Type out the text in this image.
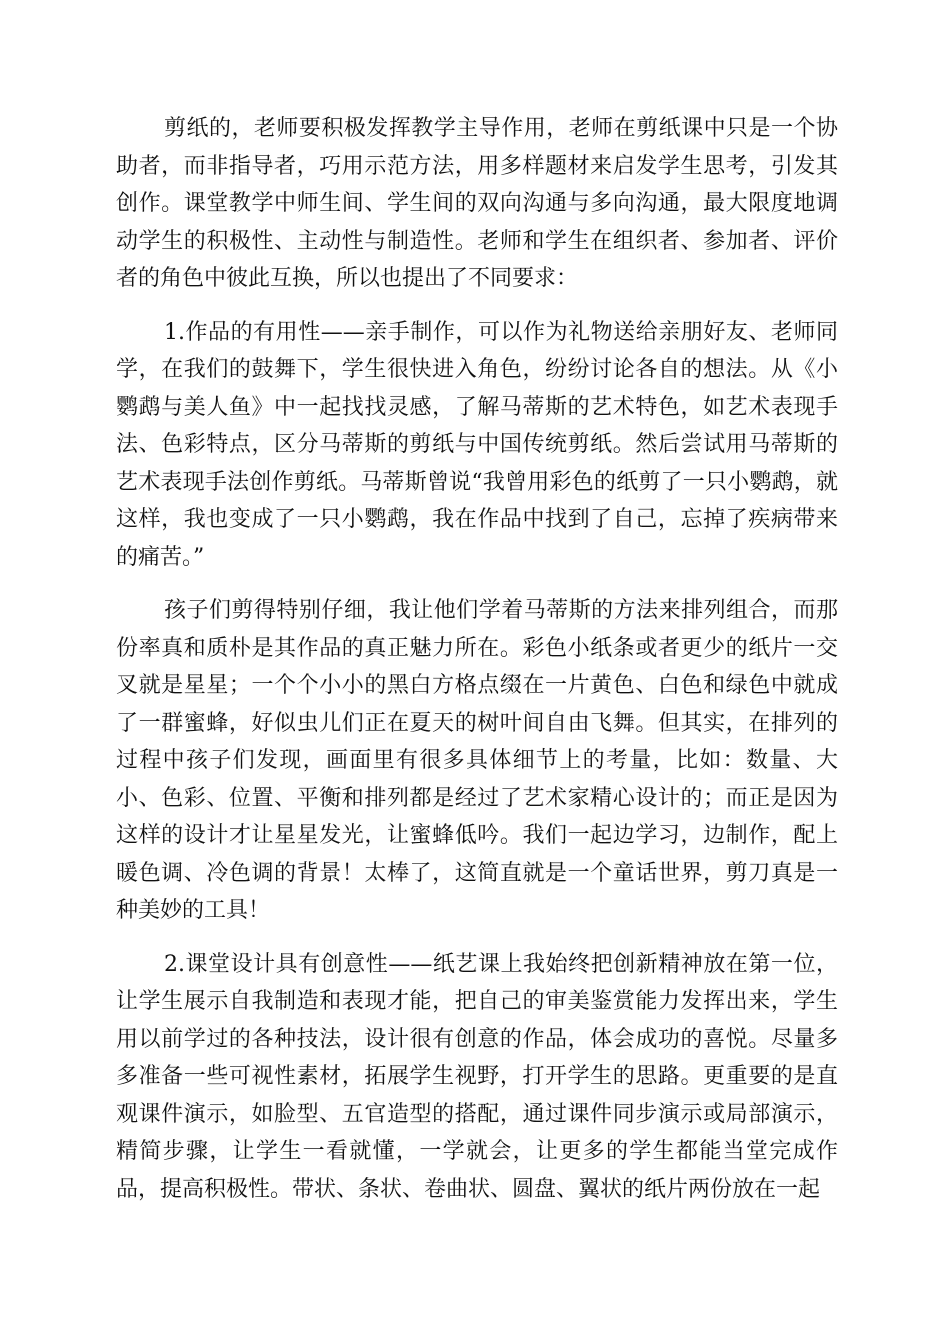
剪纸的，老师要积极发挥教学主导作用，老师在剪纸课中只是一个协助者，而非指导者，巧用示范方法，用多样题材来启发学生思考，引发其创作。课堂教学中师生间、学生间的双向沟通与多向沟通，最大限度地调动学生的积极性、主动性与制造性。老师和学生在组织者、参加者、评价者的角色中彼此互换，所以也提出了不同要求：

1.作品的有用性——亲手制作，可以作为礼物送给亲朋好友、老师同学，在我们的鼓舞下，学生很快进入角色，纷纷讨论各自的想法。从《小鹦鹉与美人鱼》中一起找找灵感，了解马蒂斯的艺术特色，如艺术表现手法、色彩特点，区分马蒂斯的剪纸与中国传统剪纸。然后尝试用马蒂斯的艺术表现手法创作剪纸。马蒂斯曾说“我曾用彩色的纸剪了一只小鹦鹉，就这样，我也变成了一只小鹦鹉，我在作品中找到了自己，忘掉了疾病带来的痛苦。”

孩子们剪得特别仔细，我让他们学着马蒂斯的方法来排列组合，而那份率真和质朴是其作品的真正魅力所在。彩色小纸条或者更少的纸片一交叉就是星星；一个个小小的黑白方格点缀在一片黄色、白色和绿色中就成了一群蜜蜂，好似虫儿们正在夏天的树叶间自由飞舞。但其实，在排列的过程中孩子们发现，画面里有很多具体细节上的考量，比如：数量、大小、色彩、位置、平衡和排列都是经过了艺术家精心设计的；而正是因为这样的设计才让星星发光，让蜜蜂低吟。我们一起边学习，边制作，配上暖色调、冷色调的背景！太棒了，这简直就是一个童话世界，剪刀真是一种美妙的工具！

2.课堂设计具有创意性——纸艺课上我始终把创新精神放在第一位，让学生展示自我制造和表现才能，把自己的审美鉴赏能力发挥出来，学生用以前学过的各种技法，设计很有创意的作品，体会成功的喜悦。尽量多多准备一些可视性素材，拓展学生视野，打开学生的思路。更重要的是直观课件演示，如脸型、五官造型的搭配，通过课件同步演示或局部演示，精简步骤，让学生一看就懂，一学就会，让更多的学生都能当堂完成作品，提高积极性。带状、条状、卷曲状、圆盘、翼状的纸片两份放在一起
